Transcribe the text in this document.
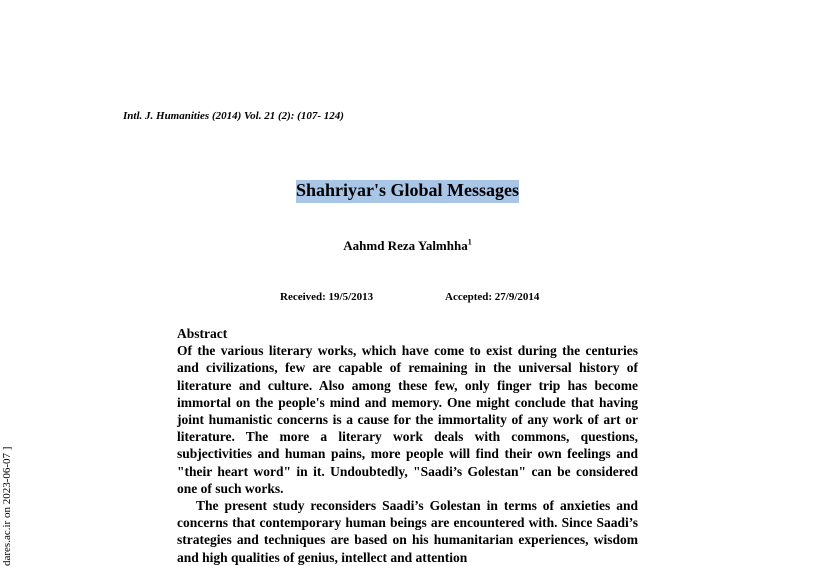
Intl. J. Humanities (2014) Vol. 21 (2): (107- 124)
Shahriyar's Global Messages
Aahmd Reza Yalmhha$^1$
Received: 19/5/2013	Accepted: 27/9/2014
Abstract

Of the various literary works, which have come to exist during the centuries and civilizations, few are capable of remaining in the universal history of literature and culture. Also among these few, only finger trip has become immortal on the people's mind and memory. One might conclude that having joint humanistic concerns is a cause for the immortality of any work of art or literature. The more a literary work deals with commons, questions, subjectivities and human pains, more people will find their own feelings and "their heart word" in it. Undoubtedly, "Saadi’s Golestan" can be considered one of such works.

The present study reconsiders Saadi’s Golestan in terms of anxieties and concerns that contemporary human beings are encountered with. Since Saadi’s strategies and techniques are based on his humanitarian experiences, wisdom and high qualities of genius, intellect and attention

dares.ac.ir on 2023-06-07 ]
